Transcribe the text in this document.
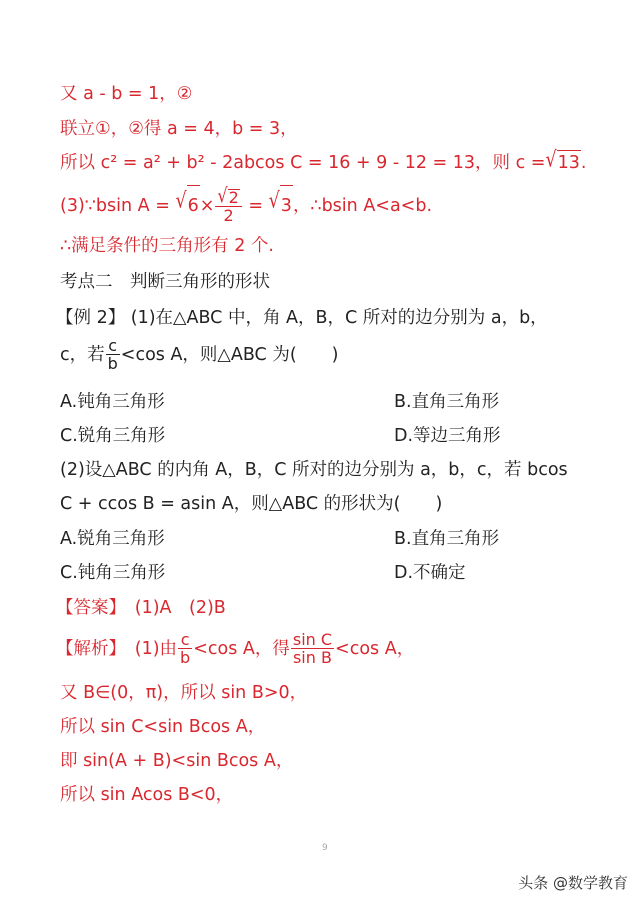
又 a - b = 1，②
联立①，②得 a = 4，b = 3，
所以 c² = a² + b² - 2abcos C = 16 + 9 - 12 = 13，则 c =√13.
(3)∵bsin $A = √6\times \frac{√2}{2} = √3$，∴bsin A<a<b.
∴满足条件的三角形有 2 个.
考点二　判断三角形的形状
【例 2】 (1)在△ABC 中，角 A，B，C 所对的边分别为 a，b，
c，若 $\frac{c}{b} <\cos$ A，则△ABC 为(　　)
A.钝角三角形	B.直角三角形
C.锐角三角形	D.等边三角形
(2)设△ABC 的内角 A，B，C 所对的边分别为 a，b，c，若 bcos
C + ccos B = asin A，则△ABC 的形状为(　　)
A.锐角三角形	B.直角三角形
C.钝角三角形	D.不确定
【答案】　(1)A　(2)B
【解析】　(1)由 $\frac{c}{b} <\cos$ A，得 $\frac{\text{sin C}}{\text{sin B}} <\cos$ A，
又 B∈(0，π)，所以 sin B>0，
所以 sin C<sin Bcos A，
即 sin(A + B)<sin Bcos A，
所以 sin Acos B<0，
9
头条 @数学教育
